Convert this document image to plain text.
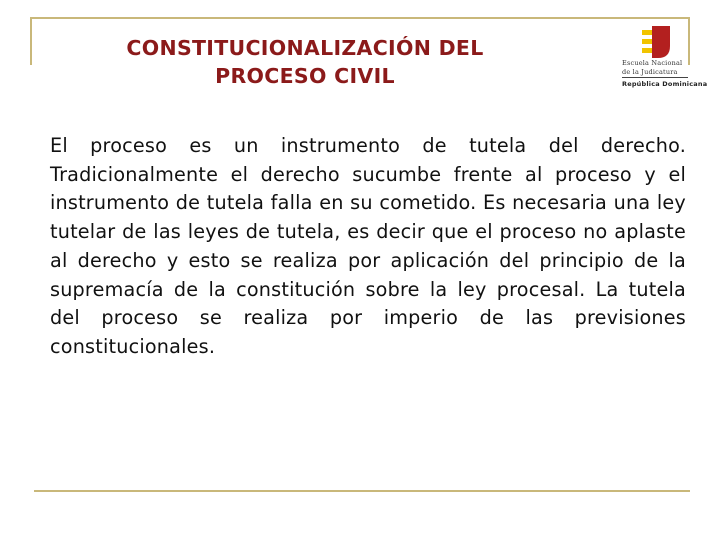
CONSTITUCIONALIZACIÓN DEL
PROCESO CIVIL
Escuela Nacional
de la Judicatura
República Dominicana
El proceso es un instrumento de tutela del derecho. Tradicionalmente el derecho sucumbe frente al proceso y el instrumento de tutela falla en su cometido. Es necesaria una ley tutelar de las leyes de tutela, es decir que el proceso no aplaste al derecho y esto se realiza por aplicación del principio de la supremacía de la constitución sobre la ley procesal. La tutela del proceso se realiza por imperio de las previsiones constitucionales.
